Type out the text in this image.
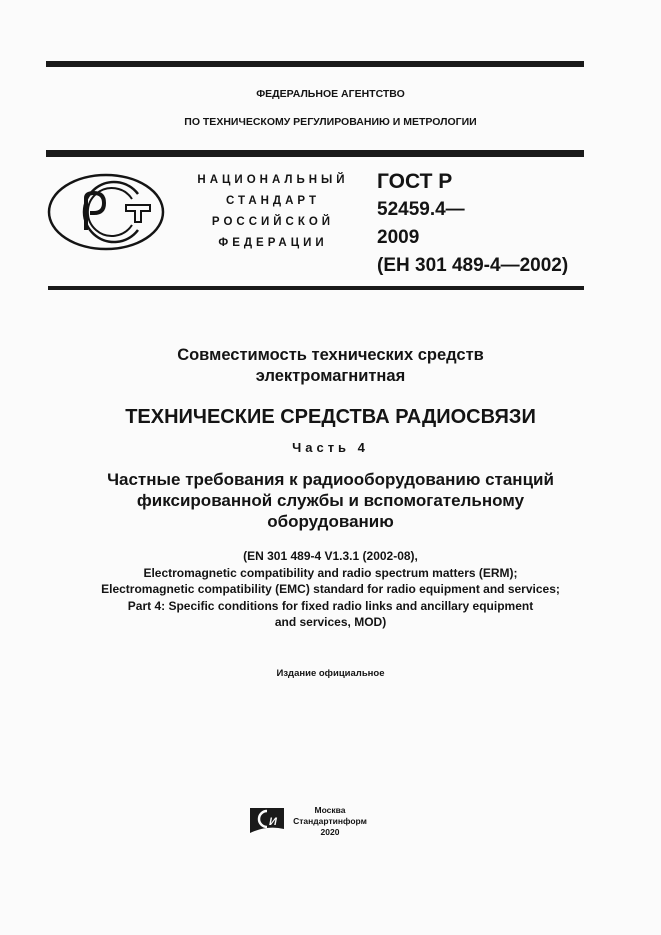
ФЕДЕРАЛЬНОЕ АГЕНТСТВО
ПО ТЕХНИЧЕСКОМУ РЕГУЛИРОВАНИЮ И МЕТРОЛОГИИ
НАЦИОНАЛЬНЫЙ
СТАНДАРТ
РОССИЙСКОЙ
ФЕДЕРАЦИИ
ГОСТ Р
52459.4—
2009
(ЕН 301 489-4—2002)
Совместимость технических средств
электромагнитная
ТЕХНИЧЕСКИЕ СРЕДСТВА РАДИОСВЯЗИ
Часть 4
Частные требования к радиооборудованию станций
фиксированной службы и вспомогательному
оборудованию
(EN 301 489-4 V1.3.1 (2002-08),
Electromagnetic compatibility and radio spectrum matters (ERM);
Electromagnetic compatibility (EMC) standard for radio equipment and services;
Part 4: Specific conditions for fixed radio links and ancillary equipment
and services, MOD)
Издание официальное
И
Москва
Стандартинформ
2020
